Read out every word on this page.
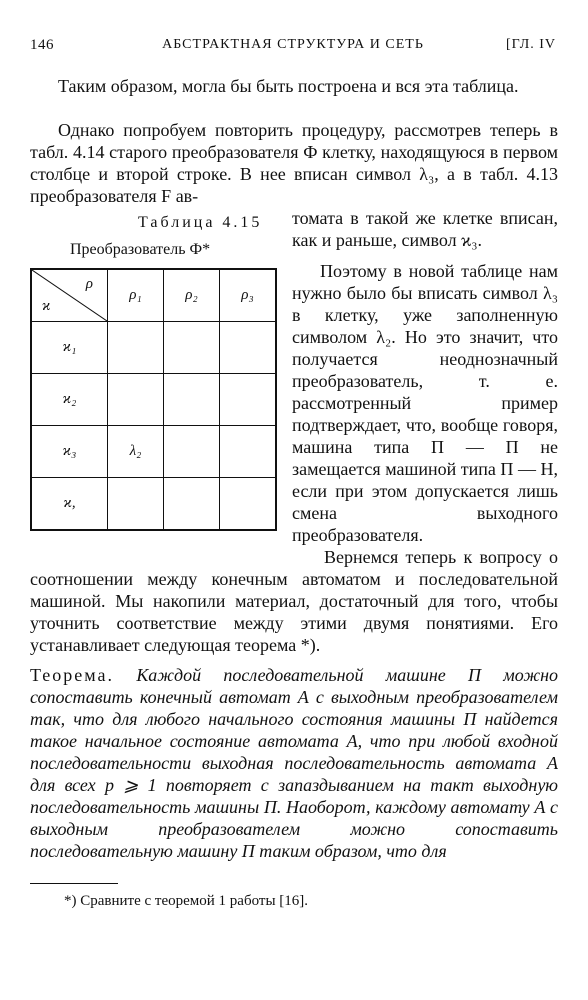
146	АБСТРАКТНАЯ СТРУКТУРА И СЕТЬ	[ГЛ. IV

Таким образом, могла бы быть построена и вся эта таблица.

Однако попробуем повторить процедуру, рассмотрев теперь в табл. 4.14 старого преобразователя Ф клетку, находящуюся в первом столбце и второй строке. В нее вписан символ λ₃, а в табл. 4.13 преобразователя F ав-

томата в такой же клетке вписан, как и раньше, символ ϰ₃.

Таблица 4.15
Преобразователь Ф*
ρ
ϰ	ρ₁	ρ₂	ρ₃
ϰ₁			
ϰ₂			
ϰ₃	λ₂		
ϰ,			

Поэтому в новой таблице нам нужно было бы вписать символ λ₃ в клетку, уже заполненную символом λ₂. Но это значит, что получается неоднозначный преобразователь, т. е. рассмотренный пример подтверждает, что, вообще говоря, машина типа П — П не замещается машиной типа П — Н, если при этом допускается лишь смена выходного преобразователя.

Вернемся теперь к вопросу о соотношении между конечным автоматом и последовательной машиной. Мы накопили материал, достаточный для того, чтобы уточнить соответствие между этими двумя понятиями. Его устанавливает следующая теорема *).

Теорема. Каждой последовательной машине П можно сопоставить конечный автомат А с выходным преобразователем так, что для любого начального состояния машины П найдется такое начальное состояние автомата А, что при любой входной последовательности выходная последовательность автомата А для всех p ⩾ 1 повторяет с запаздыванием на такт выходную последовательность машины П. Наоборот, каждому автомату А с выходным преобразователем можно сопоставить последовательную машину П таким образом, что для

*) Сравните с теоремой 1 работы [16].
